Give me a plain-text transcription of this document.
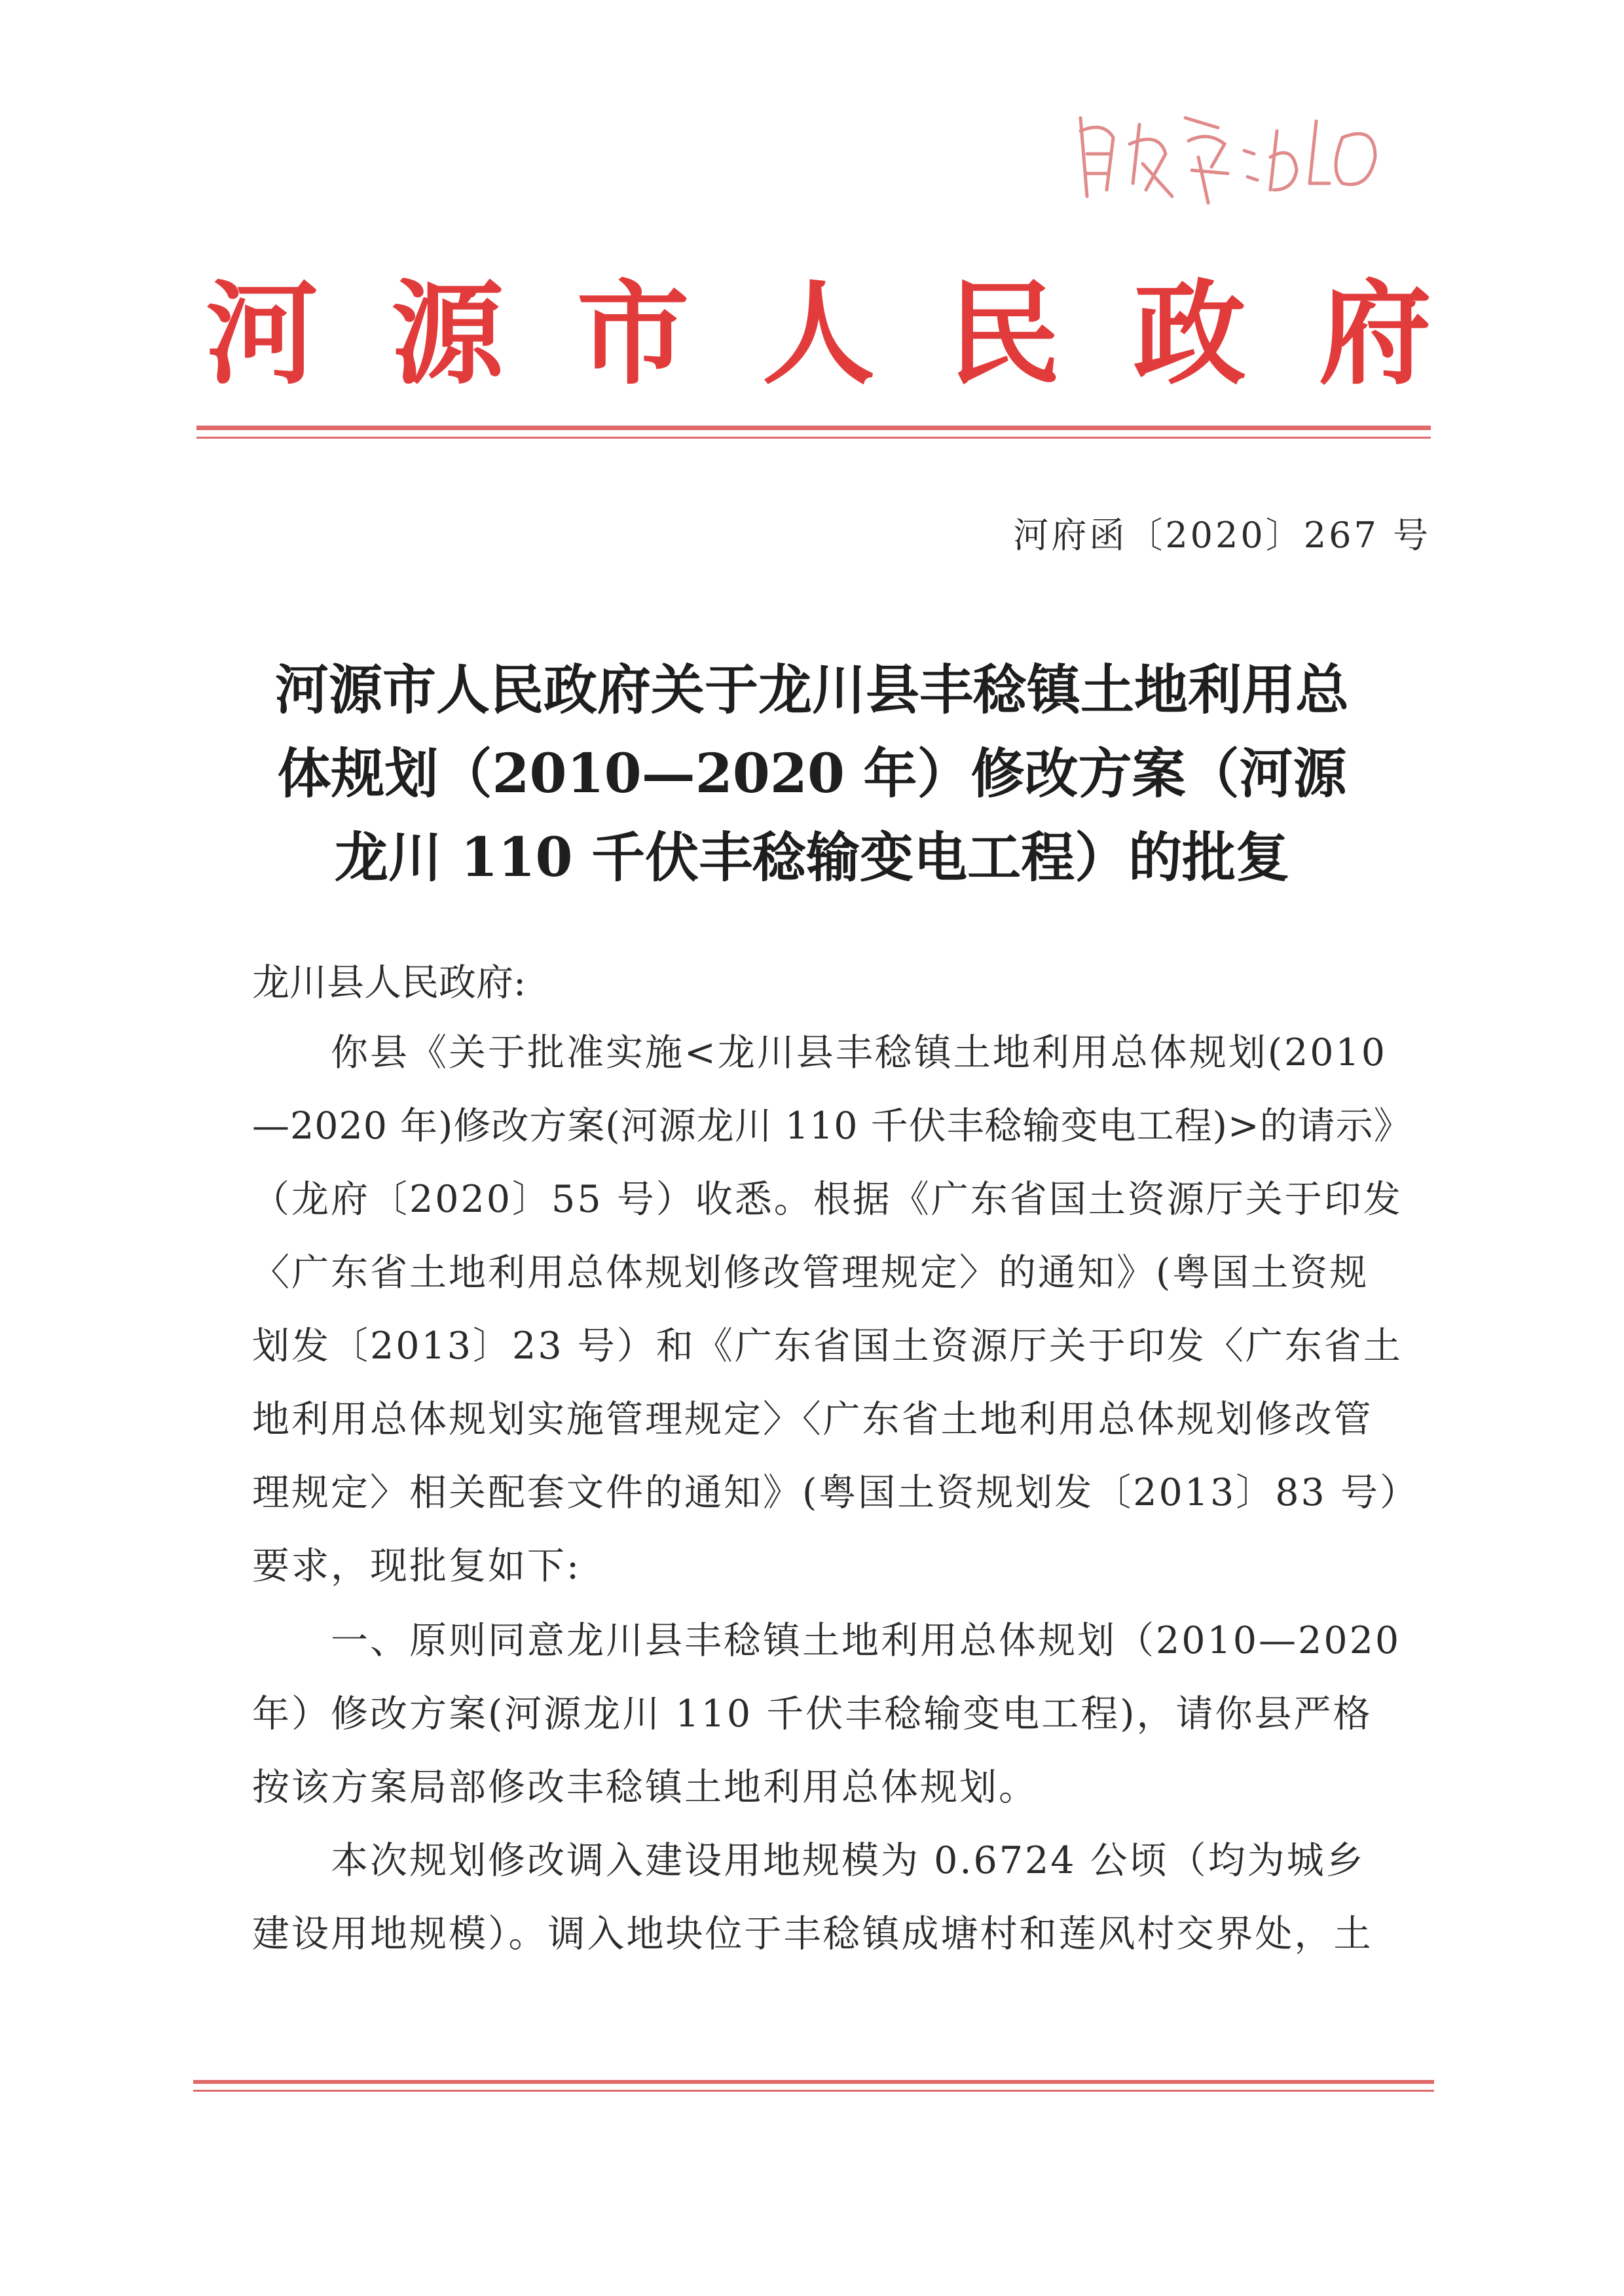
河 源 市 人 民 政 府
河府函〔2020〕267 号
河源市人民政府关于龙川县丰稔镇土地利用总
体规划（2010—2020 年）修改方案（河源
龙川 110 千伏丰稔输变电工程）的批复
龙川县人民政府:
你县《关于批准实施<龙川县丰稔镇土地利用总体规划(2010
—2020 年)修改方案(河源龙川 110 千伏丰稔输变电工程)>的请示》
（龙府〔2020〕55 号）收悉。根据《广东省国土资源厅关于印发
〈广东省土地利用总体规划修改管理规定〉的通知》(粤国土资规
划发〔2013〕23 号）和《广东省国土资源厅关于印发〈广东省土
地利用总体规划实施管理规定〉〈广东省土地利用总体规划修改管
理规定〉相关配套文件的通知》(粤国土资规划发〔2013〕83 号）
要求，现批复如下:
一、原则同意龙川县丰稔镇土地利用总体规划（2010—2020
年）修改方案(河源龙川 110 千伏丰稔输变电工程)，请你县严格
按该方案局部修改丰稔镇土地利用总体规划。
本次规划修改调入建设用地规模为 0.6724 公顷（均为城乡
建设用地规模）。调入地块位于丰稔镇成塘村和莲风村交界处，土
